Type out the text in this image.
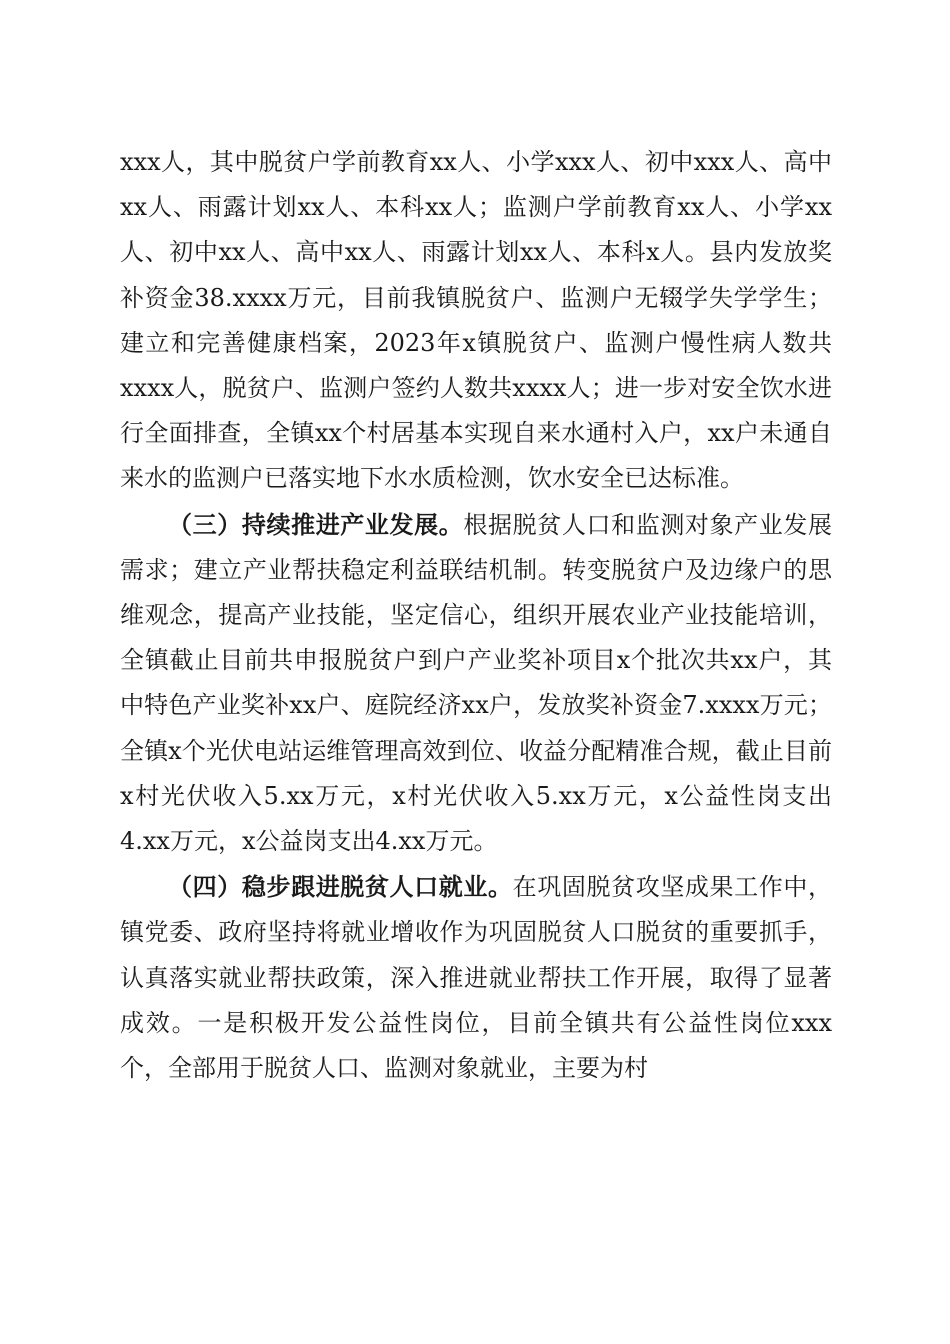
xxx人，其中脱贫户学前教育xx人、小学xxx人、初中xxx人、高中xx人、雨露计划xx人、本科xx人；监测户学前教育xx人、小学xx人、初中xx人、高中xx人、雨露计划xx人、本科x人。县内发放奖补资金38.xxxx万元，目前我镇脱贫户、监测户无辍学失学学生；建立和完善健康档案，2023年x镇脱贫户、监测户慢性病人数共xxxx人，脱贫户、监测户签约人数共xxxx人；进一步对安全饮水进行全面排查，全镇xx个村居基本实现自来水通村入户，xx户未通自来水的监测户已落实地下水水质检测，饮水安全已达标准。

（三）持续推进产业发展。根据脱贫人口和监测对象产业发展需求；建立产业帮扶稳定利益联结机制。转变脱贫户及边缘户的思维观念，提高产业技能，坚定信心，组织开展农业产业技能培训，全镇截止目前共申报脱贫户到户产业奖补项目x个批次共xx户，其中特色产业奖补xx户、庭院经济xx户，发放奖补资金7.xxxx万元；全镇x个光伏电站运维管理高效到位、收益分配精准合规，截止目前x村光伏收入5.xx万元，x村光伏收入5.xx万元，x公益性岗支出4.xx万元，x公益岗支出4.xx万元。

（四）稳步跟进脱贫人口就业。在巩固脱贫攻坚成果工作中，镇党委、政府坚持将就业增收作为巩固脱贫人口脱贫的重要抓手，认真落实就业帮扶政策，深入推进就业帮扶工作开展，取得了显著成效。一是积极开发公益性岗位，目前全镇共有公益性岗位xxx个，全部用于脱贫人口、监测对象就业，主要为村
